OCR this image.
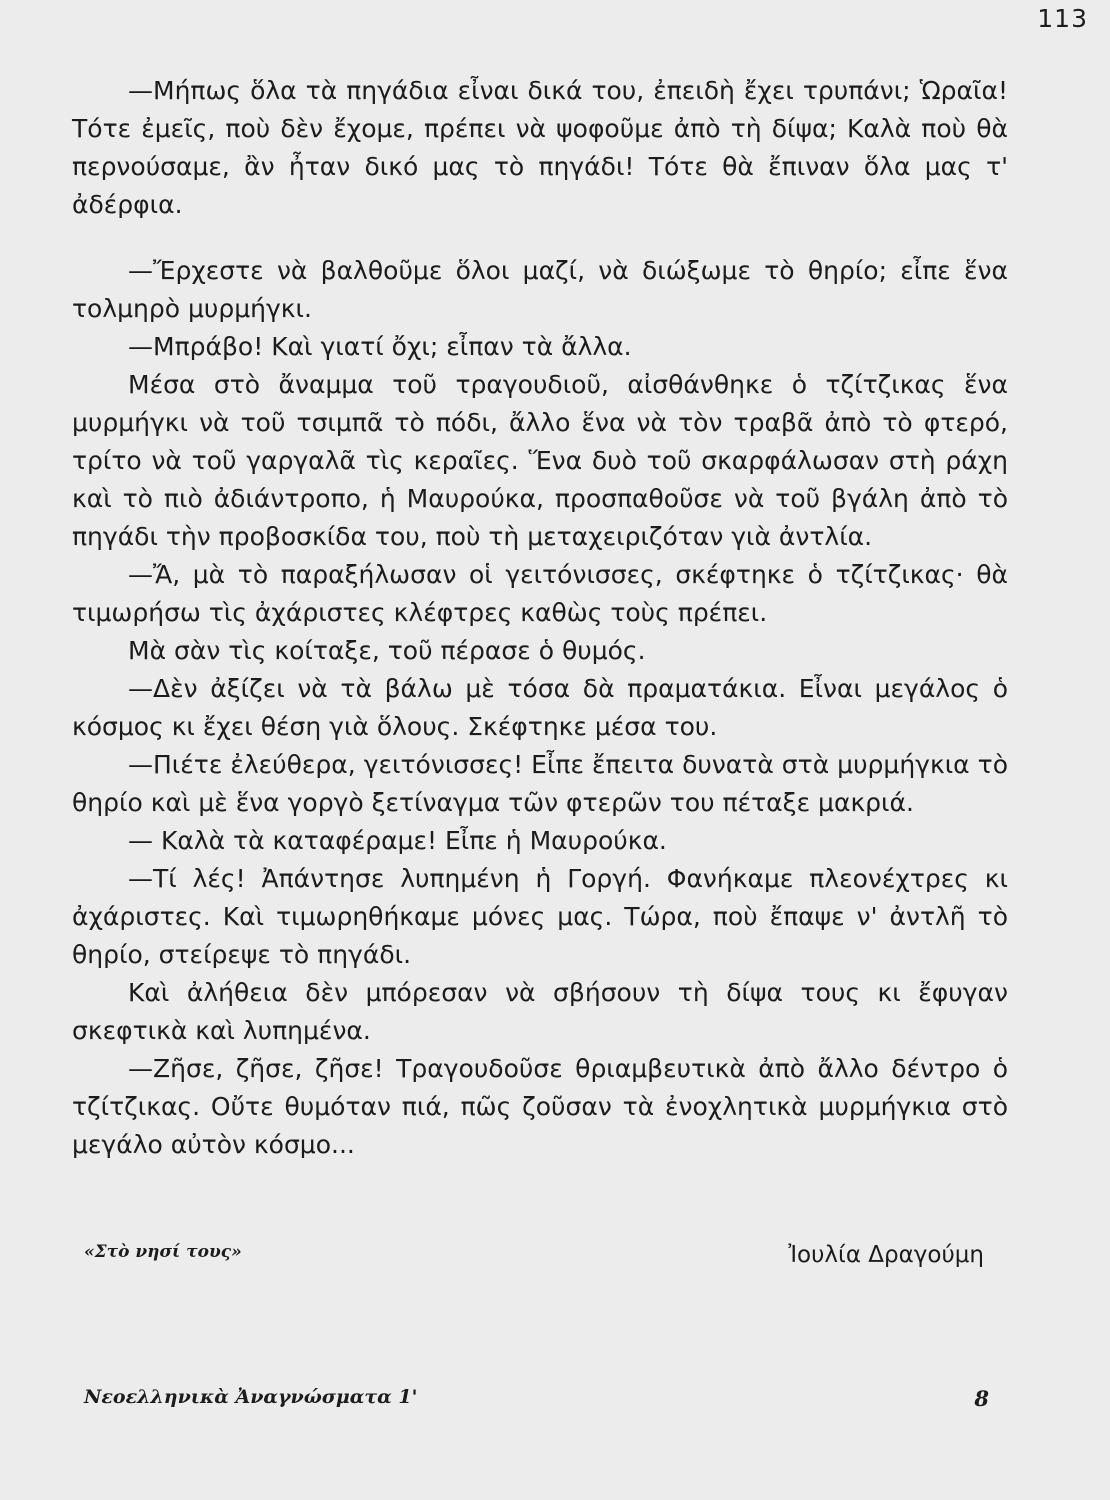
113

—Μήπως ὅλα τὰ πηγάδια εἶναι δικά του, ἐπειδὴ ἔχει τρυπάνι; Ὡραῖα! Τότε ἐμεῖς, ποὺ δὲν ἔχομε, πρέπει νὰ ψοφοῦμε ἀπὸ τὴ δίψα; Καλὰ ποὺ θὰ περνούσαμε, ἂν ἦταν δικό μας τὸ πηγάδι! Τότε θὰ ἔπιναν ὅλα μας τ' ἀδέρφια.

—Ἔρχεστε νὰ βαλθοῦμε ὅλοι μαζί, νὰ διώξωμε τὸ θηρίο; εἶπε ἕνα τολμηρὸ μυρμήγκι.

—Μπράβο! Καὶ γιατί ὄχι; εἶπαν τὰ ἄλλα.

Μέσα στὸ ἄναμμα τοῦ τραγουδιοῦ, αἰσθάνθηκε ὁ τζίτζικας ἕνα μυρμήγκι νὰ τοῦ τσιμπᾶ τὸ πόδι, ἄλλο ἕνα νὰ τὸν τραβᾶ ἀπὸ τὸ φτερό, τρίτο νὰ τοῦ γαργαλᾶ τὶς κεραῖες. Ἕνα δυὸ τοῦ σκαρφάλωσαν στὴ ράχη καὶ τὸ πιὸ ἀδιάντροπο, ἡ Μαυρούκα, προσπαθοῦσε νὰ τοῦ βγάλη ἀπὸ τὸ πηγάδι τὴν προβοσκίδα του, ποὺ τὴ μεταχειριζόταν γιὰ ἀντλία.

—Ἄ, μὰ τὸ παραξήλωσαν οἱ γειτόνισσες, σκέφτηκε ὁ τζίτζικας· θὰ τιμωρήσω τὶς ἀχάριστες κλέφτρες καθὼς τοὺς πρέπει.

Μὰ σὰν τὶς κοίταξε, τοῦ πέρασε ὁ θυμός.

—Δὲν ἀξίζει νὰ τὰ βάλω μὲ τόσα δὰ πραματάκια. Εἶναι μεγάλος ὁ κόσμος κι ἔχει θέση γιὰ ὅλους. Σκέφτηκε μέσα του.

—Πιέτε ἐλεύθερα, γειτόνισσες! Εἶπε ἔπειτα δυνατὰ στὰ μυρμήγκια τὸ θηρίο καὶ μὲ ἕνα γοργὸ ξετίναγμα τῶν φτερῶν του πέταξε μακριά.

— Καλὰ τὰ καταφέραμε! Εἶπε ἡ Μαυρούκα.

—Τί λές! Ἀπάντησε λυπημένη ἡ Γοργή. Φανήκαμε πλεονέχτρες κι ἀχάριστες. Καὶ τιμωρηθήκαμε μόνες μας. Τώρα, ποὺ ἔπαψε ν' ἀντλῆ τὸ θηρίο, στείρεψε τὸ πηγάδι.

Καὶ ἀλήθεια δὲν μπόρεσαν νὰ σβήσουν τὴ δίψα τους κι ἔφυγαν σκεφτικὰ καὶ λυπημένα.

—Ζῆσε, ζῆσε, ζῆσε! Τραγουδοῦσε θριαμβευτικὰ ἀπὸ ἄλλο δέντρο ὁ τζίτζικας. Οὔτε θυμόταν πιά, πῶς ζοῦσαν τὰ ἐνοχλητικὰ μυρμήγκια στὸ μεγάλο αὐτὸν κόσμο...

«Στὸ νησί τους»	Ἰουλία Δραγούμη
Νεοελληνικὰ Ἀναγνώσματα 1'	8
